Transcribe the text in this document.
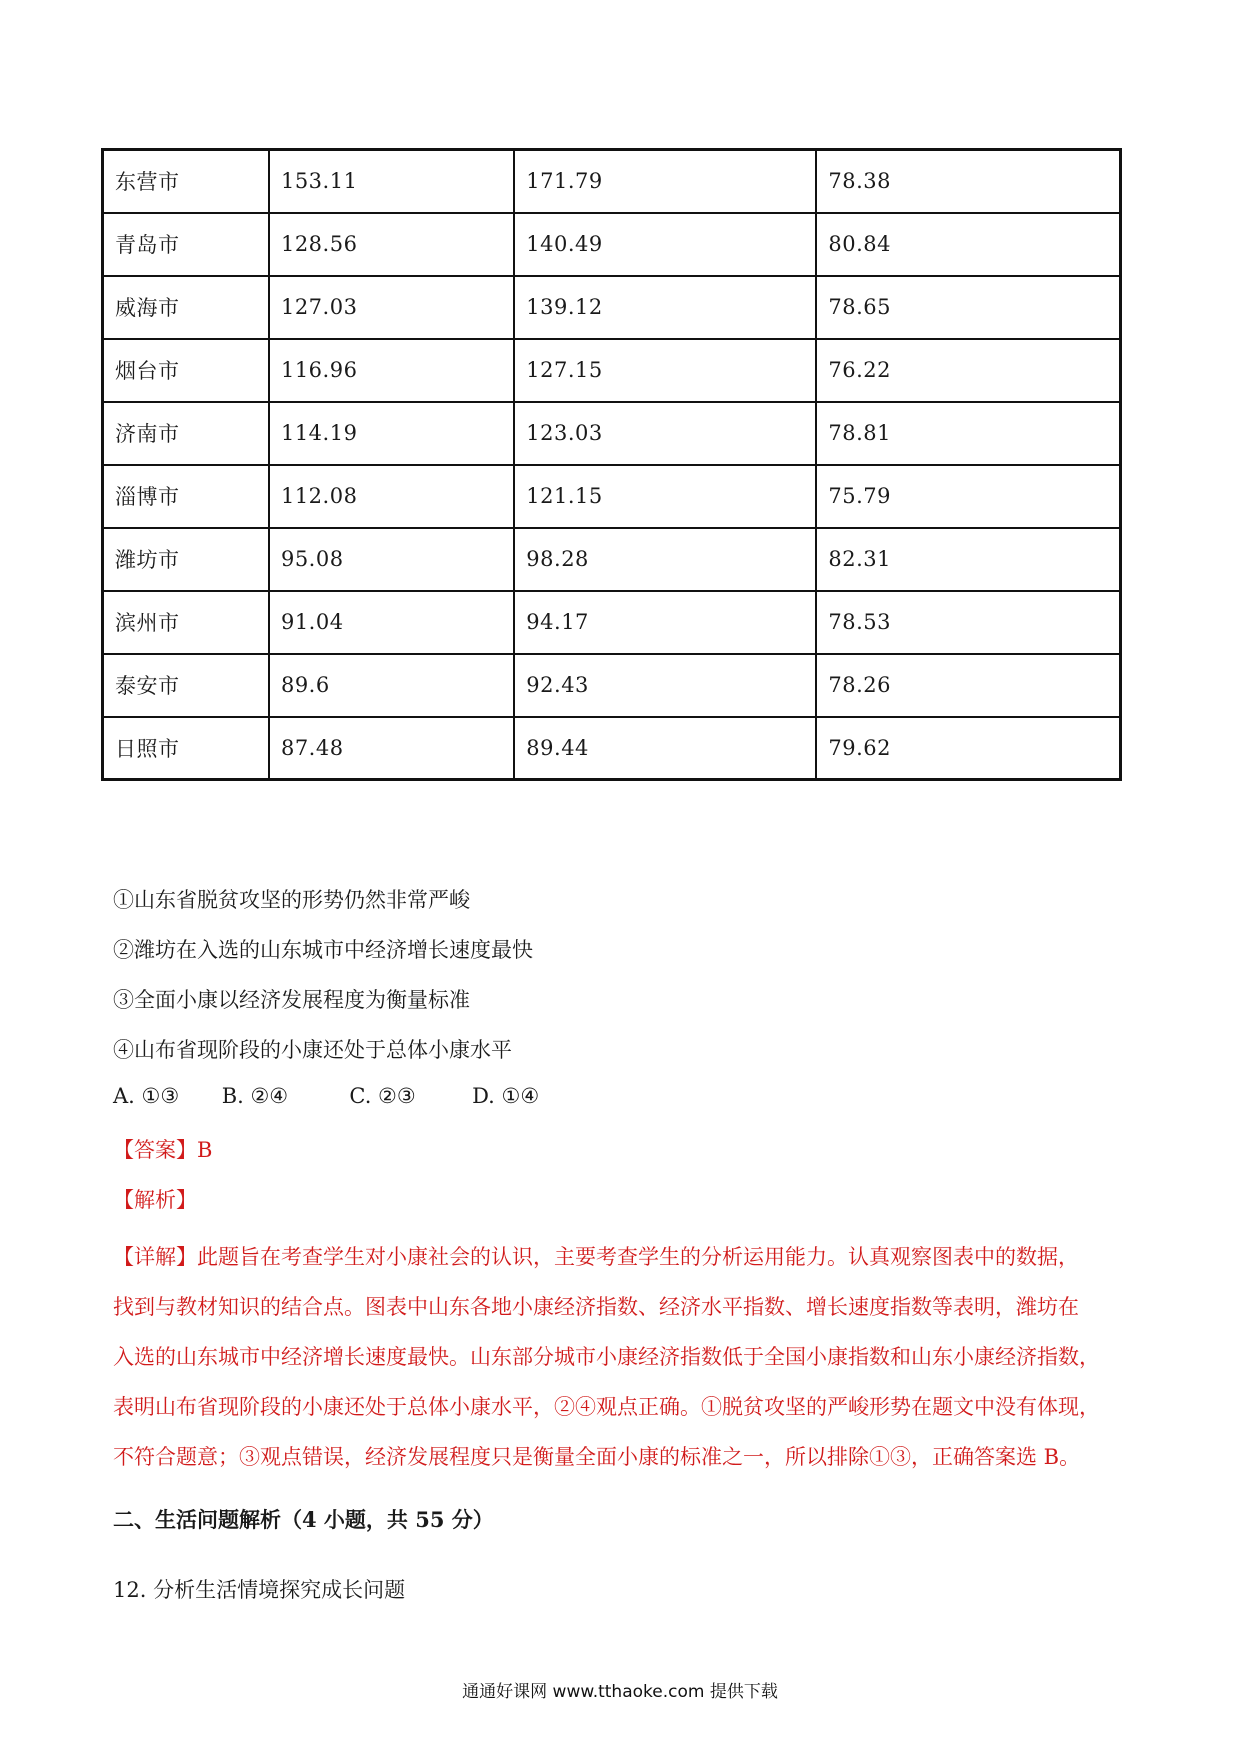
东营市	153.11	171.79	78.38
青岛市	128.56	140.49	80.84
威海市	127.03	139.12	78.65
烟台市	116.96	127.15	76.22
济南市	114.19	123.03	78.81
淄博市	112.08	121.15	75.79
潍坊市	95.08	98.28	82.31
滨州市	91.04	94.17	78.53
泰安市	89.6	92.43	78.26
日照市	87.48	89.44	79.62
①山东省脱贫攻坚的形势仍然非常严峻
②潍坊在入选的山东城市中经济增长速度最快
③全面小康以经济发展程度为衡量标准
④山布省现阶段的小康还处于总体小康水平
A. ①③ B. ②④	C. ②③	D. ①④
【答案】B
【解析】

【详解】此题旨在考查学生对小康社会的认识，主要考查学生的分析运用能力。认真观察图表中的数据，

找到与教材知识的结合点。图表中山东各地小康经济指数、经济水平指数、增长速度指数等表明，潍坊在

入选的山东城市中经济增长速度最快。山东部分城市小康经济指数低于全国小康指数和山东小康经济指数，

表明山布省现阶段的小康还处于总体小康水平，②④观点正确。①脱贫攻坚的严峻形势在题文中没有体现，

不符合题意；③观点错误，经济发展程度只是衡量全面小康的标准之一，所以排除①③，正确答案选 B。

二、生活问题解析（4 小题，共 55 分）
12. 分析生活情境探究成长问题
通通好课网 www.tthaoke.com 提供下载
